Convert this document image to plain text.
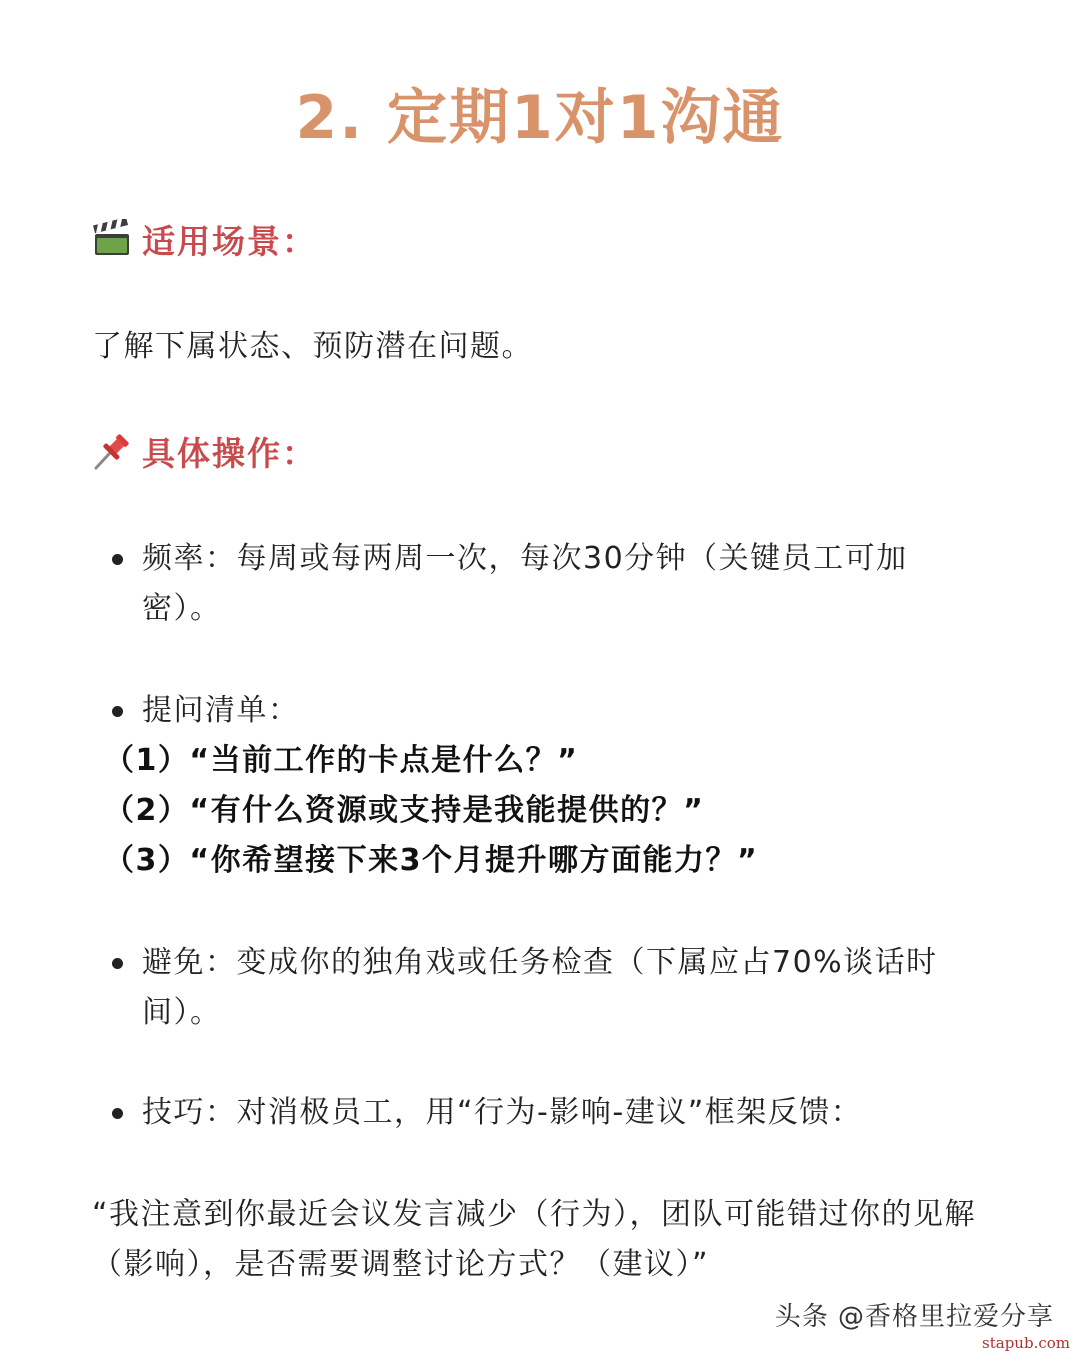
2. 定期1对1沟通
适用场景：
了解下属状态、预防潜在问题。
具体操作：
频率：每周或每两周一次，每次30分钟（关键员工可加密）。
提问清单：
（1）“当前工作的卡点是什么？”
（2）“有什么资源或支持是我能提供的？”
（3）“你希望接下来3个月提升哪方面能力？”
避免：变成你的独角戏或任务检查（下属应占70%谈话时间）。
技巧：对消极员工，用“行为-影响-建议”框架反馈：
“我注意到你最近会议发言减少（行为），团队可能错过你的见解（影响），是否需要调整讨论方式？（建议）”
头条 @香格里拉爱分享
stapub.com
